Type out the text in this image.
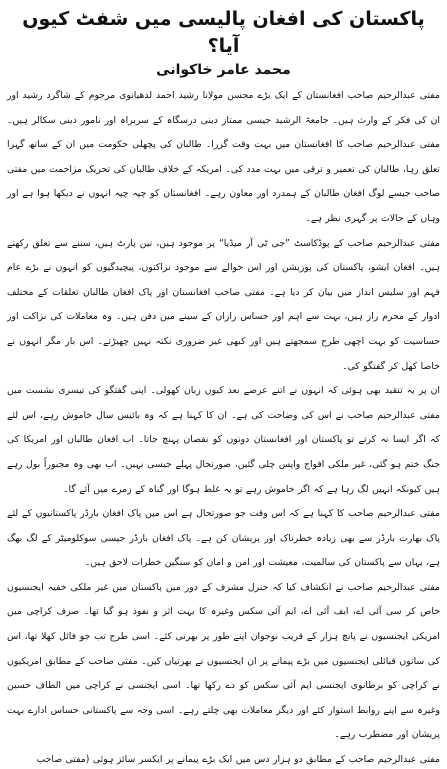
پاکستان کی افغان پالیسی میں شفٹ کیوں آیا؟
محمد عامر خاکوانی

مفتی عبدالرحیم صاحب افغانستان کے ایک بڑے محسن مولانا رشید احمد لدھیانوی مرحوم کے شاگرد رشید اور ان کی فکر کے وارث ہیں۔ جامعۃ الرشید جیسی ممتاز دینی درسگاہ کے سربراہ اور نامور دینی سکالر ہیں۔ مفتی عبدالرحیم صاحب کا افغانستان میں بہت وقت گزرا۔ طالبان کی پچھلی حکومت میں ان کے ساتھ گہرا تعلق رہا، طالبان کی تعمیر و ترقی میں بہت مدد کی۔ امریکہ کے خلاف طالبان کی تحریک مزاحمت میں مفتی صاحب جیسے لوگ افغان طالبان کے ہمدرد اور معاون رہے۔ افغانستان کو چپہ چپہ انہوں نے دیکھا ہوا ہے اور وہاں کے حالات پر گہری نظر ہے۔

مفتی عبدالرحیم صاحب کے پوڈکاسٹ ”جی ٹی آر میڈیا“ پر موجود ہیں، تین پارٹ ہیں، سننے سے تعلق رکھتے ہیں۔ افغان ایشو، پاکستان کی پوزیشن اور اس حوالے سے موجود نزاکتوں، پیچیدگیوں کو انہوں نے بڑے عام فہم اور سلیس انداز میں بیان کر دیا ہے۔ مفتی صاحب افغانستان اور پاک افغان طالبان تعلقات کے مختلف ادوار کے محرم راز ہیں، بہت سے اہم اور حساس رازان کے سینے میں دفن ہیں۔ وہ معاملات کی نزاکت اور حساسیت کو بہت اچھی طرح سمجھتے ہیں اور کبھی غیر ضروری نکتہ نہیں چھیڑتے۔ اس بار مگر انہوں نے خاصا کھل کر گفتگو کی۔

ان پر یہ تنقید بھی ہوئی کہ انہوں نے اتنے عرصے بعد کیوں زبان کھولی۔ اپنی گفتگو کی تیسری نشست میں مفتی عبدالرحیم صاحب نے اس کی وضاحت کی ہے۔ ان کا کہنا ہے کہ وہ بائیس سال خاموش رہے، اس لئے کہ اگر ایسا نہ کرتے تو پاکستان اور افغانستان دونوں کو نقصان پہنچ جاتا۔ اب افغان طالبان اور امریکا کی جنگ ختم ہو گئی، غیر ملکی افواج واپس چلی گئیں، صورتحال پہلے جیسی نہیں۔ اب بھی وہ مجبوراً بول رہے ہیں کیونکہ انہیں لگ رہا ہے کہ اگر خاموش رہے تو یہ غلط ہوگا اور گناہ کے زمرے میں آئے گا۔

مفتی عبدالرحیم صاحب کا کہنا ہے کہ اس وقت جو صورتحال ہے اس میں پاک افغان بارڈر پاکستانیوں کے لئے پاک بھارت بارڈر سے بھی زیادہ خطرناک اور پریشان کن ہے۔ پاک افغان بارڈر جیسی سوکلومیٹر کے لگ بھگ ہے، یہاں سے پاکستان کی سالمیت، معیشت اور امن و امان کو سنگین خطرات لاحق ہیں۔

مفتی عبدالرحیم صاحب نے انکشاف کیا کہ جنرل مشرف کے دور میں پاکستان میں غیر ملکی خفیہ ایجنسیوں خاص کر سی آئی اے، ایف آئی اے، ایم آئی سکس وغیرہ کا بہت اثر و نفوذ ہو گیا تھا۔ صرف کراچی میں امریکی ایجنسیوں نے پانچ ہزار کے قریب نوجوان اپنے طور پر بھرتی کئے۔ اسی طرح تب جو فائل کھلا تھا، اس کی ساتوں قبائلی ایجنسیوں میں بڑے پیمانے پر ان ایجنسیوں نے بھرتیاں کیں۔ مفتی صاحب کے مطابق امریکیوں نے کراچی کو برطانوی ایجنسی ایم آئی سکس کو دے رکھا تھا۔ اسی ایجنسی نے کراچی میں الطاف حسین وغیرہ سے اپنے روابط استوار کئے اور دیگر معاملات بھی چلتے رہے۔ اسی وجہ سے پاکستانی حساس ادارے بہت پریشان اور مضطرب رہے۔

مفتی عبدالرحیم صاحب کے مطابق دو ہزار دس میں ایک بڑے پیمانے پر ایکسر سائز ہوئی (مفتی صاحب
